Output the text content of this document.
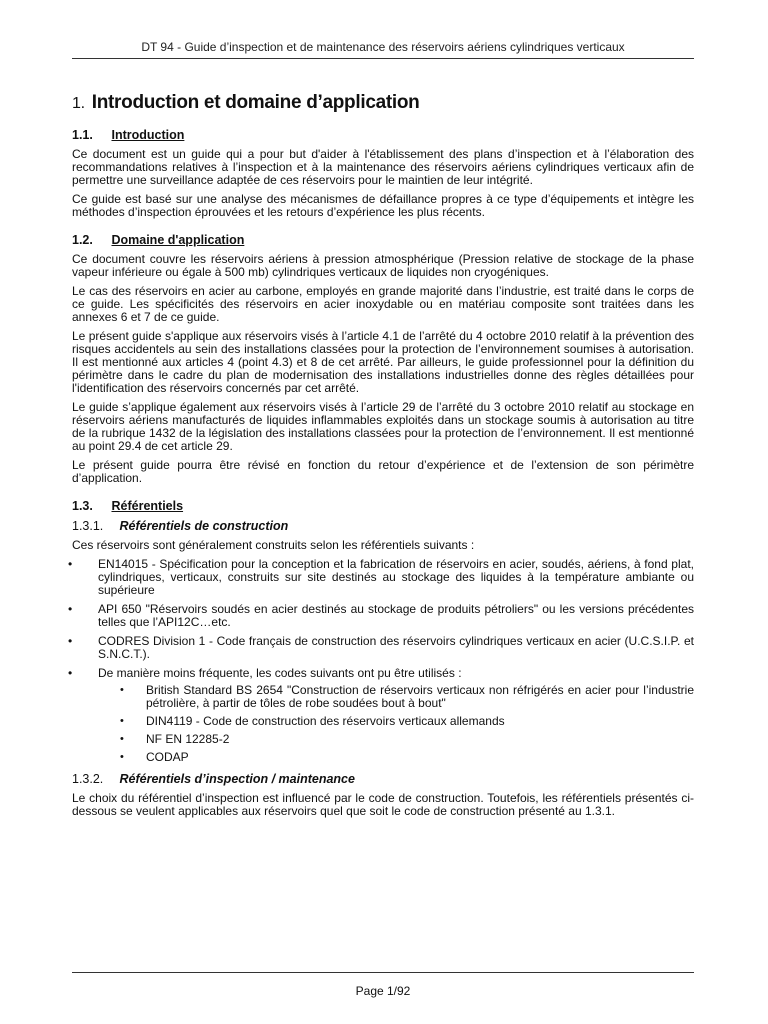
DT 94 - Guide d’inspection et de maintenance des réservoirs aériens cylindriques verticaux
1. Introduction et domaine d’application
1.1. Introduction

Ce document est un guide qui a pour but d'aider à l'établissement des plans d’inspection et à l’élaboration des recommandations relatives à l’inspection et à la maintenance des réservoirs aériens cylindriques verticaux afin de permettre une surveillance adaptée de ces réservoirs pour le maintien de leur intégrité.

Ce guide est basé sur une analyse des mécanismes de défaillance propres à ce type d’équipements et intègre les méthodes d’inspection éprouvées et les retours d’expérience les plus récents.

1.2. Domaine d'application

Ce document couvre les réservoirs aériens à pression atmosphérique (Pression relative de stockage de la phase vapeur inférieure ou égale à 500 mb) cylindriques verticaux de liquides non cryogéniques.

Le cas des réservoirs en acier au carbone, employés en grande majorité dans l’industrie, est traité dans le corps de ce guide. Les spécificités des réservoirs en acier inoxydable ou en matériau composite sont traitées dans les annexes 6 et 7 de ce guide.

Le présent guide s'applique aux réservoirs visés à l’article 4.1 de l’arrêté du 4 octobre 2010 relatif à la prévention des risques accidentels au sein des installations classées pour la protection de l’environnement soumises à autorisation. Il est mentionné aux articles 4 (point 4.3) et 8 de cet arrêté. Par ailleurs, le guide professionnel pour la définition du périmètre dans le cadre du plan de modernisation des installations industrielles donne des règles détaillées pour l'identification des réservoirs concernés par cet arrêté.

Le guide s’applique également aux réservoirs visés à l’article 29 de l’arrêté du 3 octobre 2010 relatif au stockage en réservoirs aériens manufacturés de liquides inflammables exploités dans un stockage soumis à autorisation au titre de la rubrique 1432 de la législation des installations classées pour la protection de l’environnement. Il est mentionné au point 29.4 de cet article 29.

Le présent guide pourra être révisé en fonction du retour d’expérience et de l’extension de son périmètre d’application.

1.3. Référentiels
1.3.1. Référentiels de construction

Ces réservoirs sont généralement construits selon les référentiels suivants :

• EN14015 - Spécification pour la conception et la fabrication de réservoirs en acier, soudés, aériens, à fond plat, cylindriques, verticaux, construits sur site destinés au stockage des liquides à la température ambiante ou supérieure
• API 650 "Réservoirs soudés en acier destinés au stockage de produits pétroliers" ou les versions précédentes telles que l’API12C…etc.
• CODRES Division 1 - Code français de construction des réservoirs cylindriques verticaux en acier (U.C.S.I.P. et S.N.C.T.).
• De manière moins fréquente, les codes suivants ont pu être utilisés :
• British Standard BS 2654 "Construction de réservoirs verticaux non réfrigérés en acier pour l’industrie pétrolière, à partir de tôles de robe soudées bout à bout"
• DIN4119 - Code de construction des réservoirs verticaux allemands
• NF EN 12285-2
• CODAP
1.3.2. Référentiels d’inspection / maintenance

Le choix du référentiel d’inspection est influencé par le code de construction. Toutefois, les référentiels présentés ci-dessous se veulent applicables aux réservoirs quel que soit le code de construction présenté au 1.3.1.

Page 1/92
